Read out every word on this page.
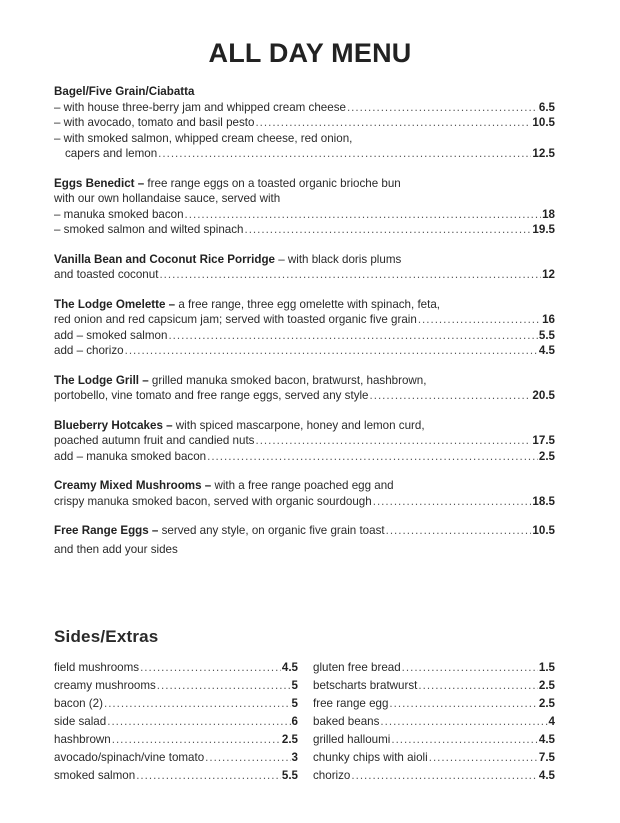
ALL DAY MENU
Bagel/Five Grain/Ciabatta
– with house three-berry jam and whipped cream cheese .....	6.5
– with avocado, tomato and basil pesto .....	10.5
– with smoked salmon, whipped cream cheese, red onion,
capers and lemon .....	12.5
Eggs Benedict – free range eggs on a toasted organic brioche bun
with our own hollandaise sauce, served with
– manuka smoked bacon .....	18
– smoked salmon and wilted spinach .....	19.5
Vanilla Bean and Coconut Rice Porridge – with black doris plums
and toasted coconut .....	12
The Lodge Omelette – a free range, three egg omelette with spinach, feta,
red onion and red capsicum jam; served with toasted organic five grain .....	16
add – smoked salmon .....	5.5
add – chorizo .....	4.5
The Lodge Grill – grilled manuka smoked bacon, bratwurst, hashbrown,
portobello, vine tomato and free range eggs, served any style .....	20.5
Blueberry Hotcakes – with spiced mascarpone, honey and lemon curd,
poached autumn fruit and candied nuts .....	17.5
add – manuka smoked bacon .....	2.5
Creamy Mixed Mushrooms – with a free range poached egg and
crispy manuka smoked bacon, served with organic sourdough .....	18.5
Free Range Eggs – served any style, on organic five grain toast .....	10.5
and then add your sides
Sides/Extras
field mushrooms .....	4.5
creamy mushrooms .....	5
bacon (2) .....	5
side salad .....	6
hashbrown .....	2.5
avocado/spinach/vine tomato .....	3
smoked salmon .....	5.5
gluten free bread .....	1.5
betscharts bratwurst .....	2.5
free range egg .....	2.5
baked beans .....	4
grilled halloumi .....	4.5
chunky chips with aioli .....	7.5
chorizo .....	4.5
